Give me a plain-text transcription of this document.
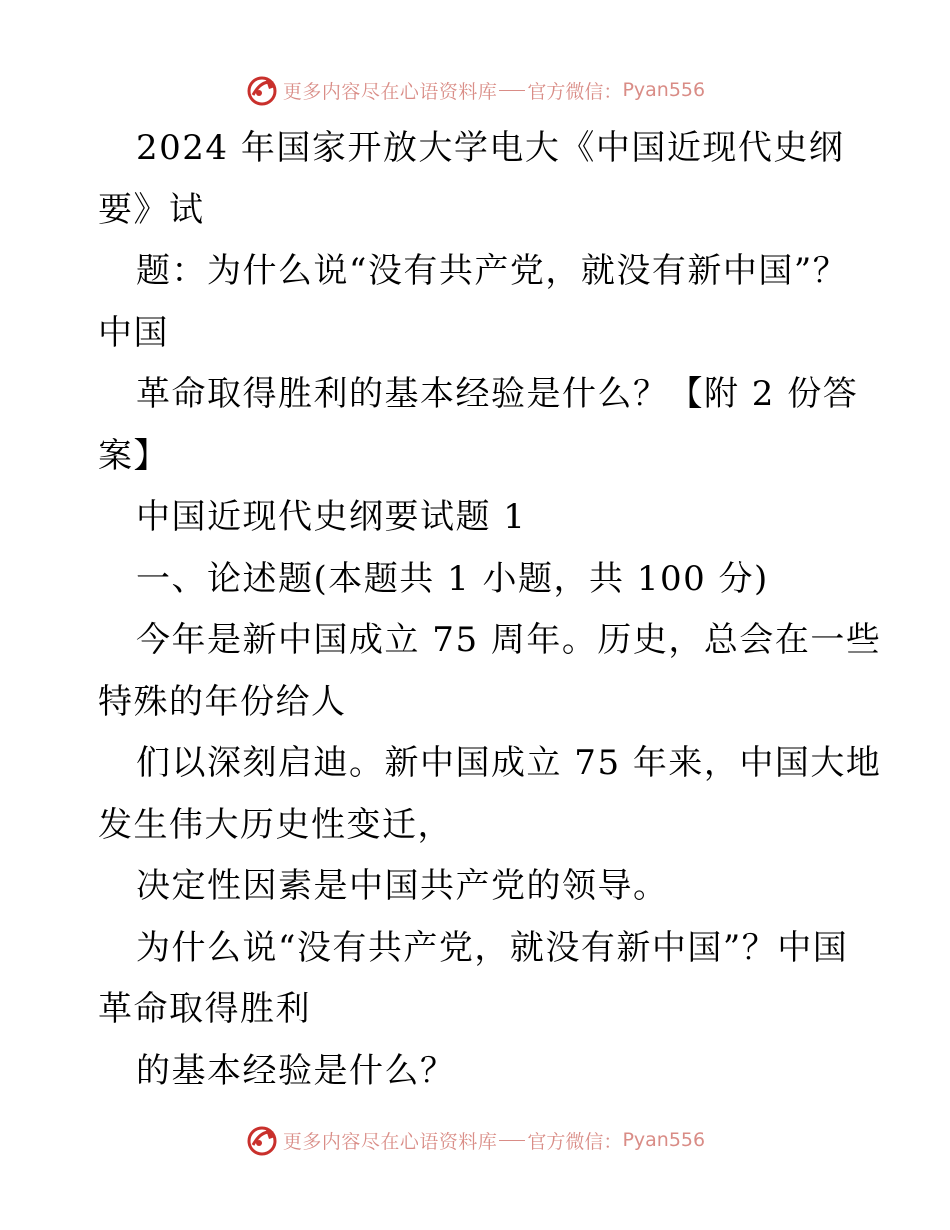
更多内容尽在心语资料库 官方微信： Pyan556
2024 年国家开放大学电大《中国近现代史纲
要》试
题：为什么说“没有共产党，就没有新中国”？
中国
革命取得胜利的基本经验是什么？【附 2 份答
案】
中国近现代史纲要试题 1
一、论述题(本题共 1 小题，共 100 分)
今年是新中国成立 75 周年。历史，总会在一些
特殊的年份给人
们以深刻启迪。新中国成立 75 年来，中国大地
发生伟大历史性变迁，
决定性因素是中国共产党的领导。
为什么说“没有共产党，就没有新中国”？中国
革命取得胜利
的基本经验是什么？
更多内容尽在心语资料库 官方微信： Pyan556
